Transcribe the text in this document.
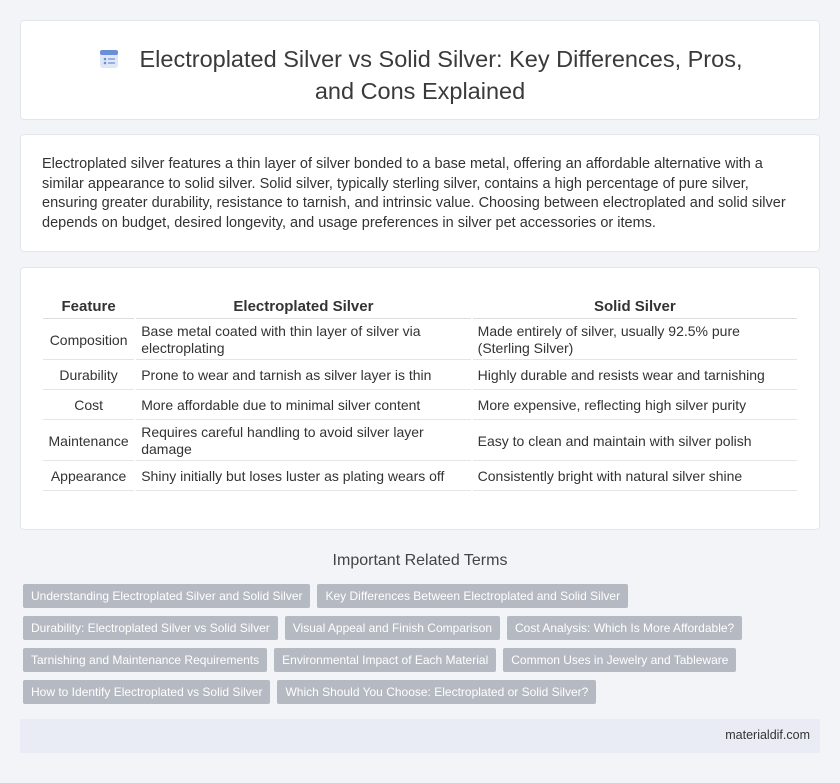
Electroplated Silver vs Solid Silver: Key Differences, Pros, and Cons Explained

Electroplated silver features a thin layer of silver bonded to a base metal, offering an affordable alternative with a similar appearance to solid silver. Solid silver, typically sterling silver, contains a high percentage of pure silver, ensuring greater durability, resistance to tarnish, and intrinsic value. Choosing between electroplated and solid silver depends on budget, desired longevity, and usage preferences in silver pet accessories or items.

Feature	Electroplated Silver	Solid Silver
Composition	Base metal coated with thin layer of silver via electroplating	Made entirely of silver, usually 92.5% pure (Sterling Silver)
Durability	Prone to wear and tarnish as silver layer is thin	Highly durable and resists wear and tarnishing
Cost	More affordable due to minimal silver content	More expensive, reflecting high silver purity
Maintenance	Requires careful handling to avoid silver layer damage	Easy to clean and maintain with silver polish
Appearance	Shiny initially but loses luster as plating wears off	Consistently bright with natural silver shine
Important Related Terms
Understanding Electroplated Silver and Solid Silver	Key Differences Between Electroplated and Solid Silver
Durability: Electroplated Silver vs Solid Silver	Visual Appeal and Finish Comparison	Cost Analysis: Which Is More Affordable?
Tarnishing and Maintenance Requirements	Environmental Impact of Each Material	Common Uses in Jewelry and Tableware
How to Identify Electroplated vs Solid Silver	Which Should You Choose: Electroplated or Solid Silver?
materialdif.com
